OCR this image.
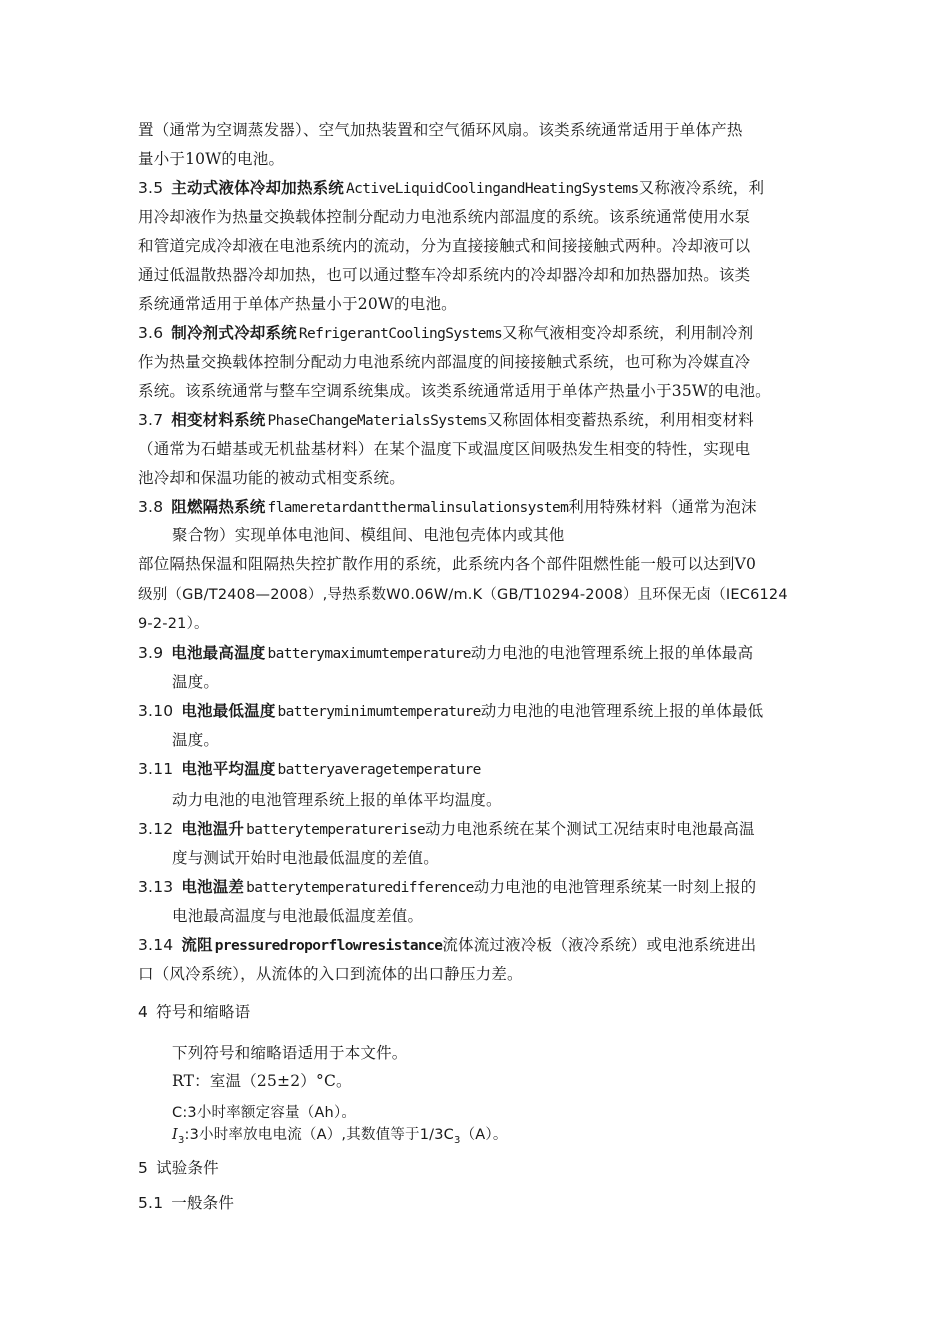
置（通常为空调蒸发器）、空气加热装置和空气循环风扇。该类系统通常适用于单体产热
量小于10W的电池。
3.5 主动式液体冷却加热系统 ActiveLiquidCoolingandHeatingSystems又称液冷系统，利
用冷却液作为热量交换载体控制分配动力电池系统内部温度的系统。该系统通常使用水泵
和管道完成冷却液在电池系统内的流动，分为直接接触式和间接接触式两种。冷却液可以
通过低温散热器冷却加热，也可以通过整车冷却系统内的冷却器冷却和加热器加热。该类
系统通常适用于单体产热量小于20W的电池。
3.6 制冷剂式冷却系统 RefrigerantCoolingSystems又称气液相变冷却系统，利用制冷剂
作为热量交换载体控制分配动力电池系统内部温度的间接接触式系统，也可称为冷媒直冷
系统。该系统通常与整车空调系统集成。该类系统通常适用于单体产热量小于35W的电池。
3.7 相变材料系统 PhaseChangeMaterialsSystems又称固体相变蓄热系统，利用相变材料
（通常为石蜡基或无机盐基材料）在某个温度下或温度区间吸热发生相变的特性，实现电
池冷却和保温功能的被动式相变系统。
3.8 阻燃隔热系统 flameretardantthermalinsulationsystem利用特殊材料（通常为泡沫
聚合物）实现单体电池间、模组间、电池包壳体内或其他
部位隔热保温和阻隔热失控扩散作用的系统，此系统内各个部件阻燃性能一般可以达到V0
级别（GB/T2408—2008）,导热系数W0.06W/m.K（GB/T10294-2008）且环保无卤（IEC6124
9-2-21）。
3.9 电池最高温度 batterymaximumtemperature动力电池的电池管理系统上报的单体最高
温度。
3.10 电池最低温度 batteryminimumtemperature动力电池的电池管理系统上报的单体最低
温度。
3.11 电池平均温度 batteryaveragetemperature
动力电池的电池管理系统上报的单体平均温度。
3.12 电池温升 batterytemperaturerise动力电池系统在某个测试工况结束时电池最高温
度与测试开始时电池最低温度的差值。
3.13 电池温差 batterytemperaturedifference动力电池的电池管理系统某一时刻上报的
电池最高温度与电池最低温度差值。
3.14 流阻 pressuredroporflowresistance流体流过液冷板（液冷系统）或电池系统进出
口（风冷系统），从流体的入口到流体的出口静压力差。
4 符号和缩略语
下列符号和缩略语适用于本文件。
RT：室温（25±2）°C。
C:3小时率额定容量（Ah）。
$I_3:3$小时率放电电流（A）,其数值等于$1/3C_3(A)$。
5 试验条件
5.1 一般条件
